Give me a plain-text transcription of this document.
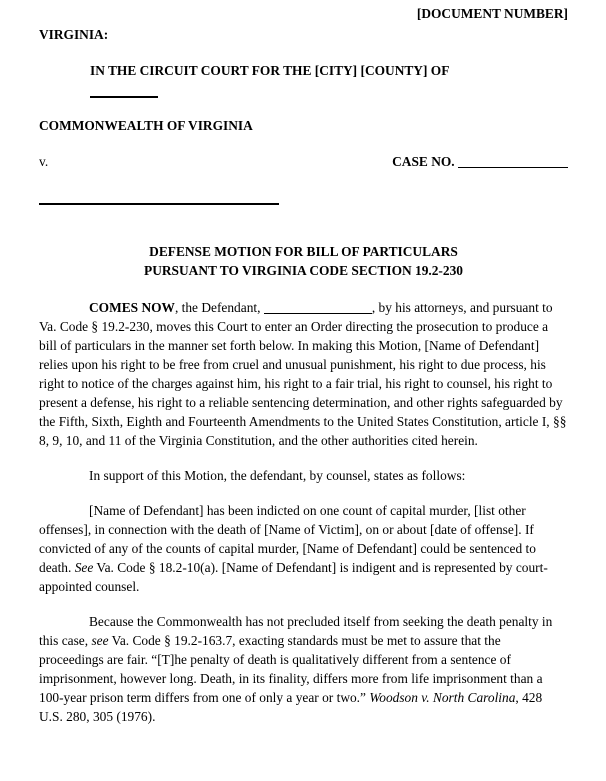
[DOCUMENT NUMBER]
VIRGINIA:
IN THE CIRCUIT COURT FOR THE [CITY] [COUNTY] OF
COMMONWEALTH OF VIRGINIA
v.	CASE NO.
DEFENSE MOTION FOR BILL OF PARTICULARS
PURSUANT TO VIRGINIA CODE SECTION 19.2-230

COMES NOW, the Defendant,	, by his attorneys, and pursuant to Va. Code § 19.2-230, moves this Court to enter an Order directing the prosecution to produce a bill of particulars in the manner set forth below. In making this Motion, [Name of Defendant] relies upon his right to be free from cruel and unusual punishment, his right to due process, his right to notice of the charges against him, his right to a fair trial, his right to counsel, his right to present a defense, his right to a reliable sentencing determination, and other rights safeguarded by the Fifth, Sixth, Eighth and Fourteenth Amendments to the United States Constitution, article I, §§ 8, 9, 10, and 11 of the Virginia Constitution, and the other authorities cited herein.

In support of this Motion, the defendant, by counsel, states as follows:

[Name of Defendant] has been indicted on one count of capital murder, [list other offenses], in connection with the death of [Name of Victim], on or about [date of offense]. If convicted of any of the counts of capital murder, [Name of Defendant] could be sentenced to death. See Va. Code § 18.2-10(a). [Name of Defendant] is indigent and is represented by court-appointed counsel.

Because the Commonwealth has not precluded itself from seeking the death penalty in this case, see Va. Code § 19.2-163.7, exacting standards must be met to assure that the proceedings are fair. “[T]he penalty of death is qualitatively different from a sentence of imprisonment, however long. Death, in its finality, differs more from life imprisonment than a 100-year prison term differs from one of only a year or two.” Woodson v. North Carolina, 428 U.S. 280, 305 (1976).
